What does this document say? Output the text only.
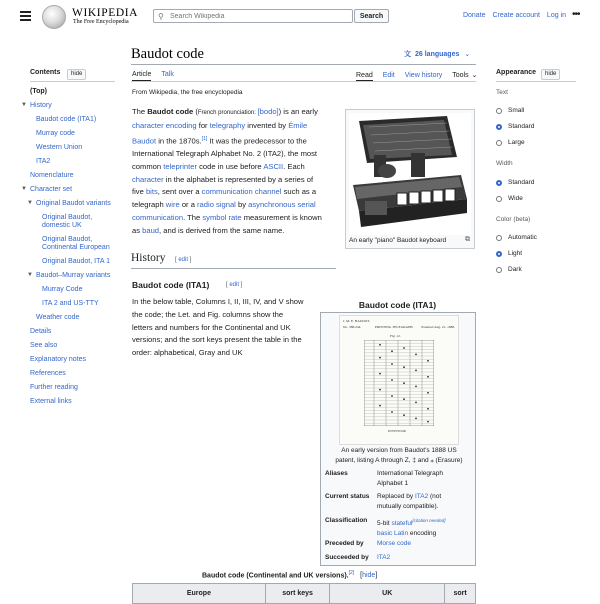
WIKIPEDIA
The Free Encyclopedia
⚲
Search Wikipedia	Search	Donate Create account Log in •••
Contents	hide
(Top)
▼ History
Baudot code (ITA1)
Murray code
Western Union
ITA2
Nomenclature
▼ Character set
▼ Original Baudot variants
Original Baudot, domestic UK
Original Baudot, Continental European
Original Baudot, ITA 1
▼ Baudot–Murray variants
Murray Code
ITA 2 and US-TTY
Weather code
Details
See also
Explanatory notes
References
Further reading
External links
Baudot code	文 26 languages ⌄
Article Talk	Read Edit View history Tools ⌄
From Wikipedia, the free encyclopedia
The Baudot code (French pronunciation: [bodo]) is an early
character encoding for telegraphy invented by Émile
Baudot in the 1870s.[1] It was the predecessor to the
International Telegraph Alphabet No. 2 (ITA2), the most
common teleprinter code in use before ASCII. Each
character in the alphabet is represented by a series of
five bits, sent over a communication channel such as a
telegraph wire or a radio signal by asynchronous serial
communication. The symbol rate measurement is known
as baud, and is derived from the same name.
An early "piano" Baudot keyboard	⧉
History [ edit ]
Baudot code (ITA1)	[ edit ]
In the below table, Columns I, II, III, IV, and V show
the code; the Let. and Fig. columns show the
letters and numbers for the Continental and UK
versions; and the sort keys present the table in the
order: alphabetical, Gray and UK
Baudot code (ITA1)
J. M. E. BAUDOT.
No. 388,244.	PRINTING TELEGRAPH. Patented Aug. 21, 1888.
Fig. 12.
INVENTOR
An early version from Baudot's 1888 US
patent, listing A through Z, ‡ and ⁎ (Erasure)
Aliases	International Telegraph
Alphabet 1
Current status Replaced by ITA2 (not
mutually compatible).
Classification 5-bit stateful[citation needed]
basic Latin encoding
Preceded by Morse code
Succeeded by ITA2
Baudot code (Continental and UK versions).[2] [hide]
Europe	sort keys	UK	sort
Appearance	hide
Text
Small
Standard
Large
Width
Standard
Wide
Color (beta)
Automatic
Light
Dark
